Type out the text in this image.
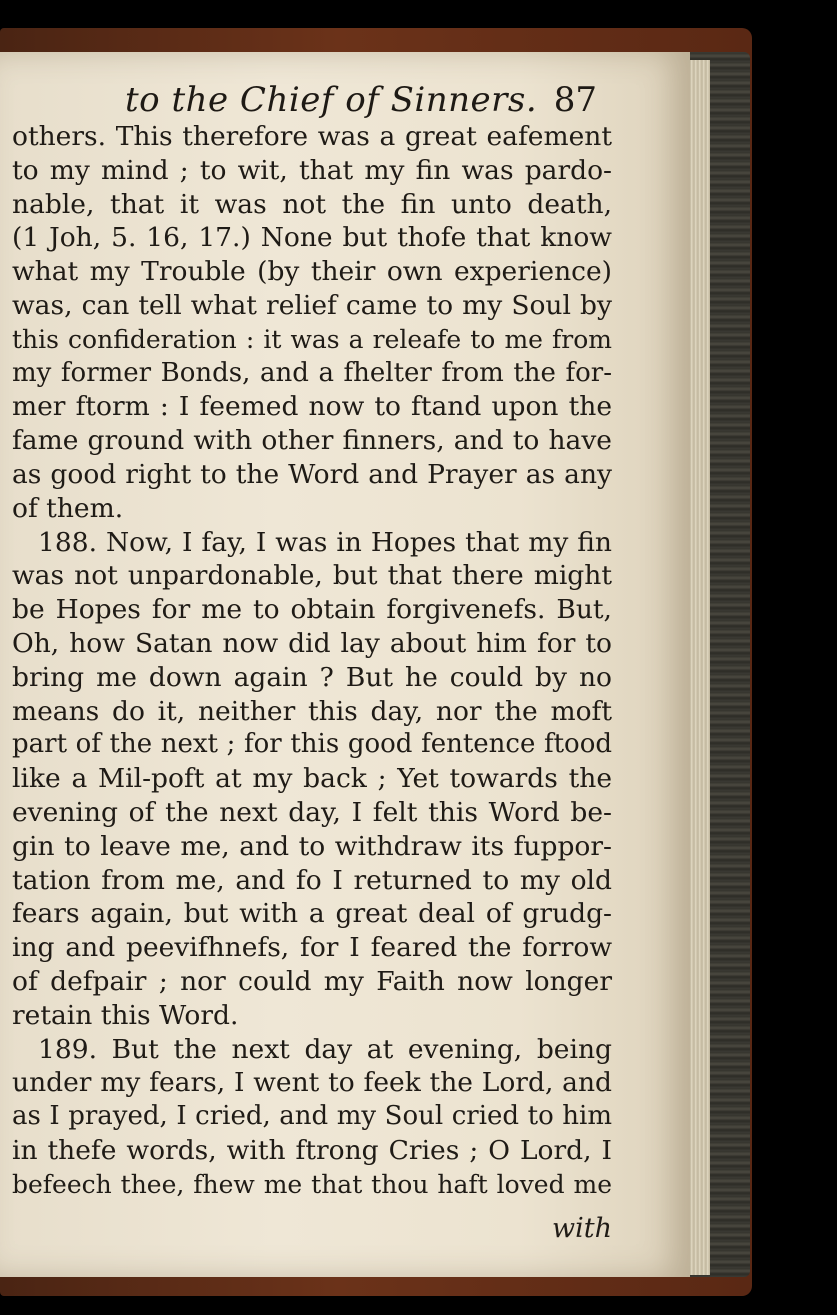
to the Chief of Sinners. 87
others. This therefore was a great eafement
to my mind ; to wit, that my fin was pardo-
nable, that it was not the fin unto death,
(1 Joh, 5. 16, 17.) None but thofe that know
what my Trouble (by their own experience)
was, can tell what relief came to my Soul by
this confideration : it was a releafe to me from
my former Bonds, and a fhelter from the for-
mer ftorm : I feemed now to ftand upon the
fame ground with other finners, and to have
as good right to the Word and Prayer as any
of them.
188. Now, I fay, I was in Hopes that my fin
was not unpardonable, but that there might
be Hopes for me to obtain forgivenefs. But,
Oh, how Satan now did lay about him for to
bring me down again ? But he could by no
means do it, neither this day, nor the moft
part of the next ; for this good fentence ftood
like a Mil-poft at my back ; Yet towards the
evening of the next day, I felt this Word be-
gin to leave me, and to withdraw its fuppor-
tation from me, and fo I returned to my old
fears again, but with a great deal of grudg-
ing and peevifhnefs, for I feared the forrow
of defpair ; nor could my Faith now longer
retain this Word.
189. But the next day at evening, being
under my fears, I went to feek the Lord, and
as I prayed, I cried, and my Soul cried to him
in thefe words, with ftrong Cries ; O Lord, I
befeech thee, fhew me that thou haft loved me
with
